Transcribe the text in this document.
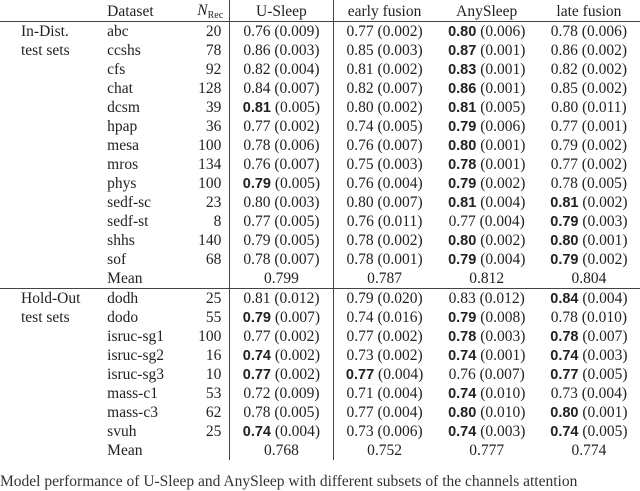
	Dataset	$N_{Rec}$	U-Sleep	early fusion	AnySleep	late fusion
In-Dist.	abc	20	0.76 (0.009)	0.77 (0.002)	0.80 (0.006)	0.78 (0.006)
test sets	ccshs	78	0.86 (0.003)	0.85 (0.003)	0.87 (0.001)	0.86 (0.002)
	cfs	92	0.82 (0.004)	0.81 (0.002)	0.83 (0.001)	0.82 (0.002)
	chat	128	0.84 (0.007)	0.82 (0.007)	0.86 (0.001)	0.85 (0.002)
	dcsm	39	0.81 (0.005)	0.80 (0.002)	0.81 (0.005)	0.80 (0.011)
	hpap	36	0.77 (0.002)	0.74 (0.005)	0.79 (0.006)	0.77 (0.001)
	mesa	100	0.78 (0.006)	0.76 (0.007)	0.80 (0.001)	0.79 (0.002)
	mros	134	0.76 (0.007)	0.75 (0.003)	0.78 (0.001)	0.77 (0.002)
	phys	100	0.79 (0.005)	0.76 (0.004)	0.79 (0.002)	0.78 (0.005)
	sedf-sc	23	0.80 (0.003)	0.80 (0.007)	0.81 (0.004)	0.81 (0.002)
	sedf-st	8	0.77 (0.005)	0.76 (0.011)	0.77 (0.004)	0.79 (0.003)
	shhs	140	0.79 (0.005)	0.78 (0.002)	0.80 (0.002)	0.80 (0.001)
	sof	68	0.78 (0.007)	0.78 (0.001)	0.79 (0.004)	0.79 (0.002)
	Mean		0.799	0.787	0.812	0.804
Hold-Out	dodh	25	0.81 (0.012)	0.79 (0.020)	0.83 (0.012)	0.84 (0.004)
test sets	dodo	55	0.79 (0.007)	0.74 (0.016)	0.79 (0.008)	0.78 (0.010)
	isruc-sg1	100	0.77 (0.002)	0.77 (0.002)	0.78 (0.003)	0.78 (0.007)
	isruc-sg2	16	0.74 (0.002)	0.73 (0.002)	0.74 (0.001)	0.74 (0.003)
	isruc-sg3	10	0.77 (0.002)	0.77 (0.004)	0.76 (0.007)	0.77 (0.005)
	mass-c1	53	0.72 (0.009)	0.71 (0.004)	0.74 (0.010)	0.73 (0.004)
	mass-c3	62	0.78 (0.005)	0.77 (0.004)	0.80 (0.010)	0.80 (0.001)
	svuh	25	0.74 (0.004)	0.73 (0.006)	0.74 (0.003)	0.74 (0.005)
	Mean		0.768	0.752	0.777	0.774
Model performance of U-Sleep and AnySleep with different subsets of the channels attention
